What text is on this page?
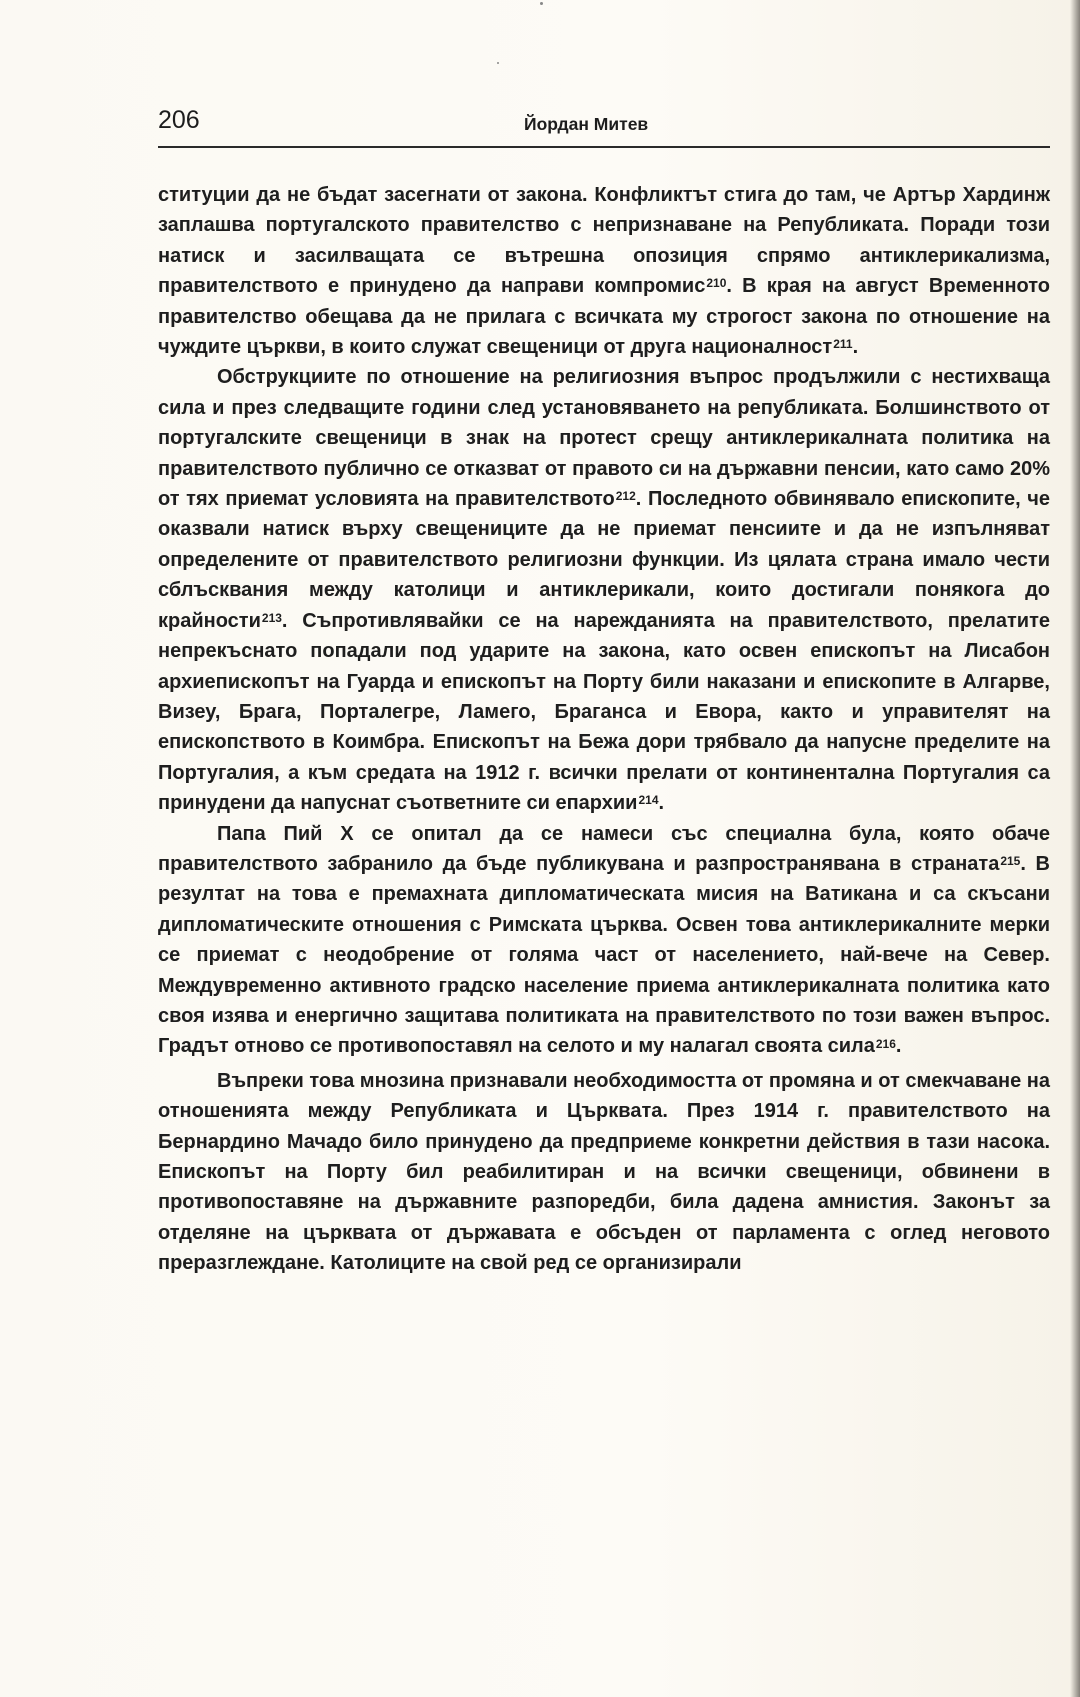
206	Йордан Митев

ституции да не бъдат засегнати от закона. Конфликтът стига до там, че Артър Хардинж заплашва португалското правителство с непризнаване на Републиката. Поради този натиск и засилващата се вътрешна опозиция спрямо антиклерикализма, правителството е принудено да направи компромис$^{210}$. В края на август Временното правителство обещава да не прилага с всичката му строгост закона по отношение на чуждите църкви, в които служат свещеници от друга националност$^{211}$.

Обструкциите по отношение на религиозния въпрос продължили с нестихваща сила и през следващите години след установяването на републиката. Болшинството от португалските свещеници в знак на протест срещу антиклерикалната политика на правителството публично се отказват от правото си на държавни пенсии, като само 20% от тях приемат условията на правителството$^{212}$. Последното обвинявало епископите, че оказвали натиск върху свещениците да не приемат пенсиите и да не изпълняват определените от правителството религиозни функции. Из цялата страна имало чести сблъсквания между католици и антиклерикали, които достигали понякога до крайности$^{213}$. Съпротивлявайки се на нарежданията на правителството, прелатите непрекъснато попадали под ударите на закона, като освен епископът на Лисабон архиепископът на Гуарда и епископът на Порту били наказани и епископите в Алгарве, Визеу, Брага, Порталегре, Ламего, Браганса и Евора, както и управителят на епископството в Коимбра. Епископът на Бежа дори трябвало да напусне пределите на Португалия, а към средата на 1912 г. всички прелати от континентална Португалия са принудени да напуснат съответните си епархии$^{214}$.

Папа Пий X се опитал да се намеси със специална була, която обаче правителството забранило да бъде публикувана и разпространявана в страната$^{215}$. В резултат на това е премахната дипломатическата мисия на Ватикана и са скъсани дипломатическите отношения с Римската църква. Освен това антиклерикалните мерки се приемат с неодобрение от голяма част от населението, най-вече на Север. Междувременно активното градско население приема антиклерикалната политика като своя изява и енергично защитава политиката на правителството по този важен въпрос. Градът отново се противопоставял на селото и му налагал своята сила$^{216}$.

Въпреки това мнозина признавали необходимостта от промяна и от смекчаване на отношенията между Републиката и Църквата. През 1914 г. правителството на Бернардино Мачадо било принудено да предприеме конкретни действия в тази насока. Епископът на Порту бил реабилитиран и на всички свещеници, обвинени в противопоставяне на държавните разпоредби, била дадена амнистия. Законът за отделяне на църквата от държавата е обсъден от парламента с оглед неговото преразглеждане. Католиците на свой ред се организирали
